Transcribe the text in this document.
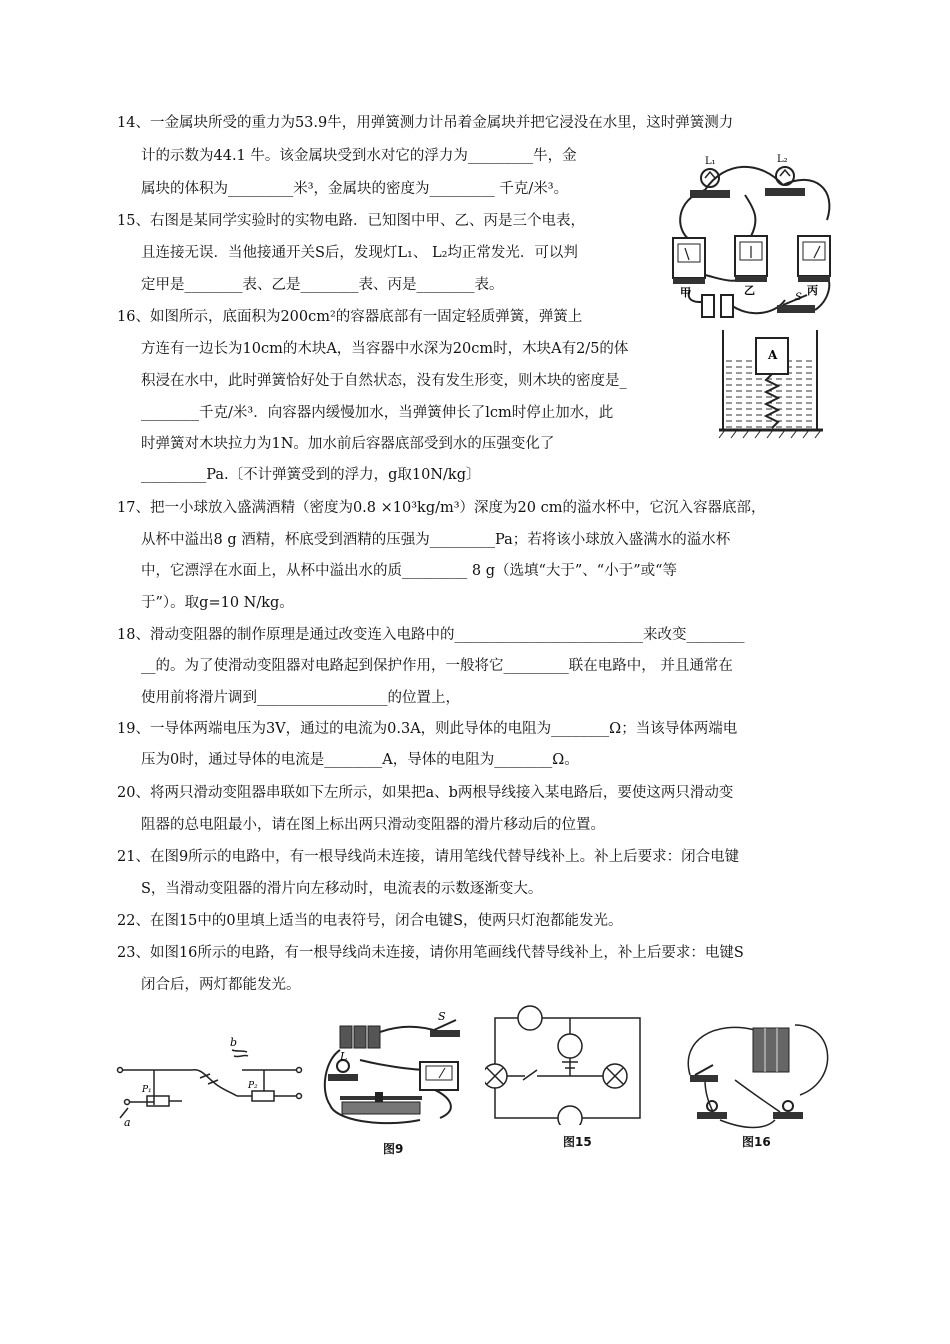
14、一金属块所受的重力为53.9牛，用弹簧测力计吊着金属块并把它浸没在水里，这时弹簧测力
计的示数为44.1 牛。该金属块受到水对它的浮力为_________牛，金
属块的体积为_________米³，金属块的密度为_________ 千克/米³。
15、右图是某同学实验时的实物电路．已知图中甲、乙、丙是三个电表，
且连接无误．当他接通开关S后，发现灯L₁、 L₂均正常发光．可以判
定甲是________表、乙是________表、丙是________表。
16、如图所示，底面积为200cm²的容器底部有一固定轻质弹簧，弹簧上
方连有一边长为10cm的木块A，当容器中水深为20cm时，木块A有2/5的体
积浸在水中，此时弹簧恰好处于自然状态，没有发生形变，则木块的密度是_
________千克/米³．向容器内缓慢加水，当弹簧伸长了lcm时停止加水，此
时弹簧对木块拉力为1N。加水前后容器底部受到水的压强变化了
_________Pa.〔不计弹簧受到的浮力，g取10N/kg〕
17、把一小球放入盛满酒精（密度为0.8 ×10³kg/m³）深度为20 cm的溢水杯中，它沉入容器底部，
从杯中溢出8 g 酒精，杯底受到酒精的压强为_________Pa；若将该小球放入盛满水的溢水杯
中，它漂浮在水面上，从杯中溢出水的质_________ 8 g（选填“大于”、“小于”或“等
于”）。取g=10 N/kg。
18、滑动变阻器的制作原理是通过改变连入电路中的__________________________来改变________
__的。为了使滑动变阻器对电路起到保护作用，一般将它_________联在电路中， 并且通常在
使用前将滑片调到__________________的位置上，
19、一导体两端电压为3V，通过的电流为0.3A，则此导体的电阻为________Ω；当该导体两端电
压为0时，通过导体的电流是________A，导体的电阻为________Ω。
20、将两只滑动变阻器串联如下左所示，如果把a、b两根导线接入某电路后，要使这两只滑动变
阻器的总电阻最小，请在图上标出两只滑动变阻器的滑片移动后的位置。
21、在图9所示的电路中，有一根导线尚未连接，请用笔线代替导线补上。补上后要求：闭合电键
S，当滑动变阻器的滑片向左移动时，电流表的示数逐渐变大。
22、在图15中的0里填上适当的电表符号，闭合电键S，使两只灯泡都能发光。
23、如图16所示的电路，有一根导线尚未连接，请你用笔画线代替导线补上，补上后要求：电键S
闭合后，两灯都能发光。
L₁	L₂
甲	乙	丙
S
A
b
a
P₁	P₂
L
S
图9	图15	图16
